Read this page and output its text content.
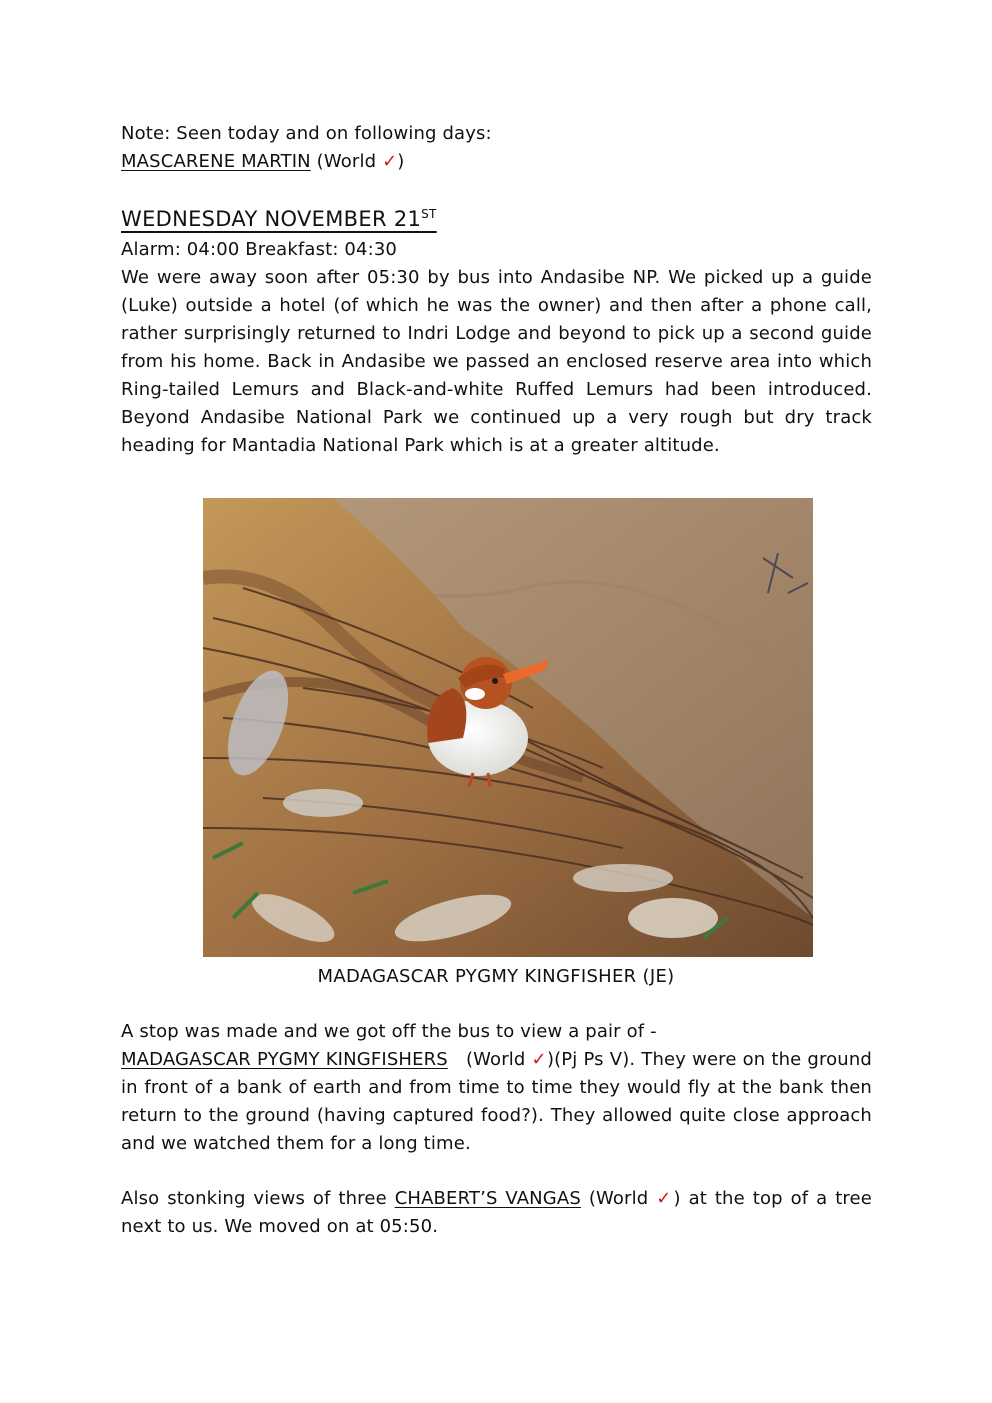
Note: Seen today and on following days:
MASCARENE MARTIN (World ✓)
WEDNESDAY NOVEMBER 21ST
Alarm: 04:00 Breakfast: 04:30
We were away soon after 05:30 by bus into Andasibe NP. We picked up a guide (Luke) outside a hotel (of which he was the owner) and then after a phone call, rather surprisingly returned to Indri Lodge and beyond to pick up a second guide from his home. Back in Andasibe we passed an enclosed reserve area into which Ring-tailed Lemurs and Black-and-white Ruffed Lemurs had been introduced. Beyond Andasibe National Park we continued up a very rough but dry track heading for Mantadia National Park which is at a greater altitude.
MADAGASCAR PYGMY KINGFISHER (JE)
A stop was made and we got off the bus to view a pair of -
MADAGASCAR PYGMY KINGFISHERS   (World ✓)(Pj Ps V). They were on the ground in front of a bank of earth and from time to time they would fly at the bank then return to the ground (having captured food?). They allowed quite close approach and we watched them for a long time.
Also stonking views of three CHABERT’S VANGAS (World ✓) at the top of a tree next to us. We moved on at 05:50.
